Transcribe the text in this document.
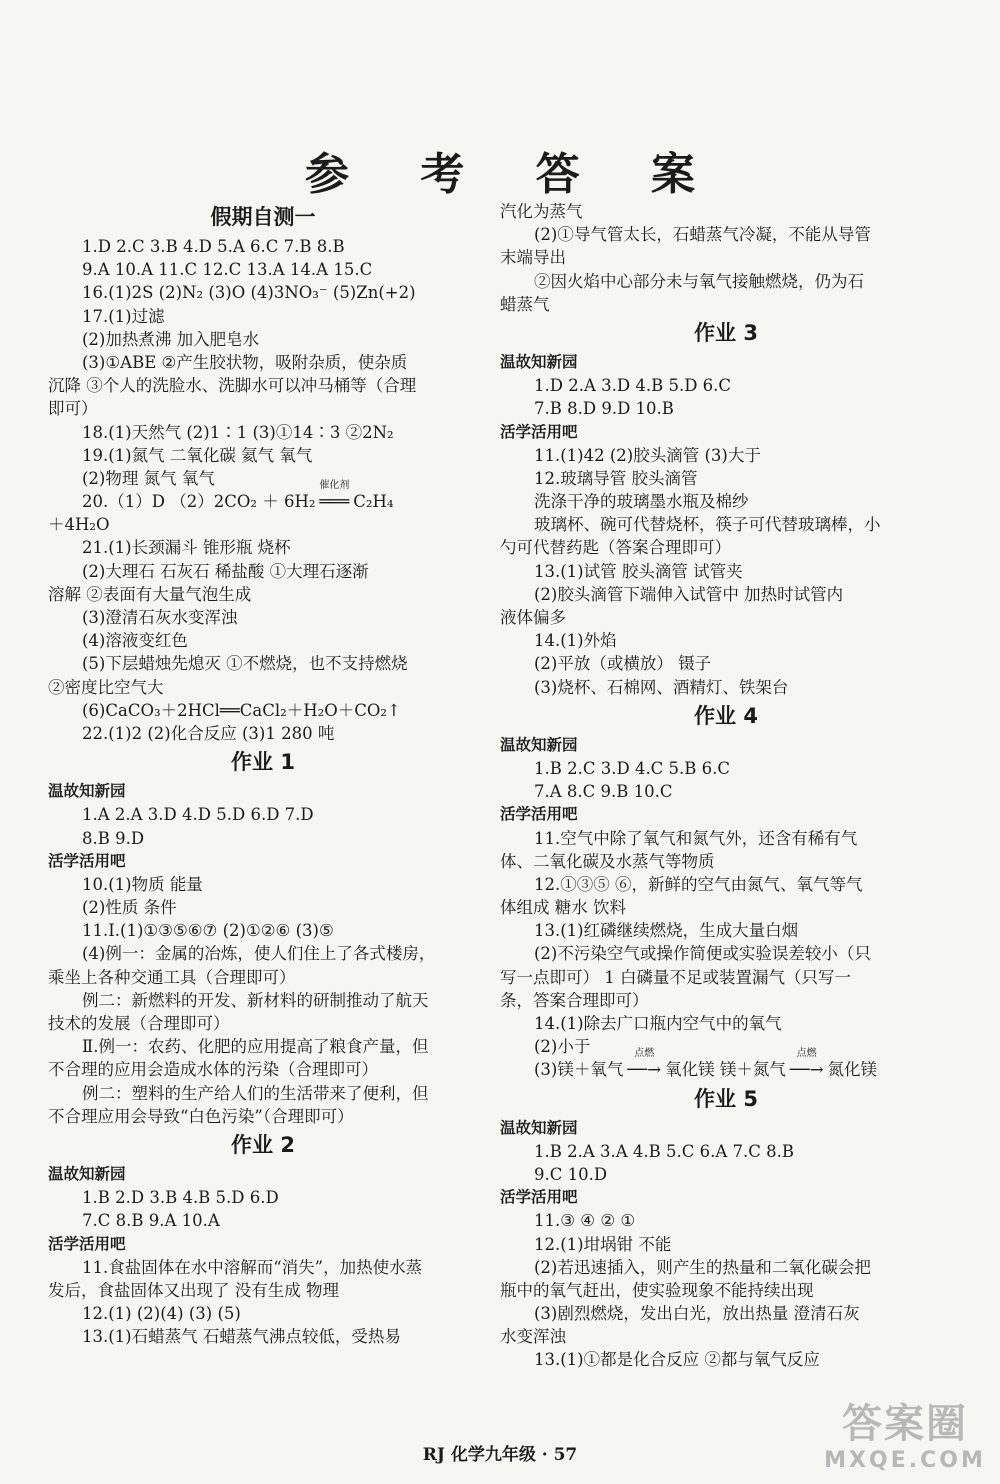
参 考 答 案
假期自测一
1.D 2.C 3.B 4.D 5.A 6.C 7.B 8.B
9.A 10.A 11.C 12.C 13.A 14.A 15.C
16.(1)2S (2)N₂ (3)O (4)3NO₃⁻ (5)Zn(+2)
17.(1)过滤
(2)加热煮沸 加入肥皂水
(3)①ABE ②产生胶状物，吸附杂质，使杂质
沉降 ③个人的洗脸水、洗脚水可以冲马桶等（合理
即可）
18.(1)天然气 (2)1∶1 (3)①14∶3 ②2N₂
19.(1)氮气 二氧化碳 氦气 氧气
(2)物理 氮气 氧气
20.（1）D （2）2CO₂ ＋ 6H₂
催化剂
═══ C₂H₄
＋4H₂O
21.(1)长颈漏斗 锥形瓶 烧杯
(2)大理石 石灰石 稀盐酸 ①大理石逐渐
溶解 ②表面有大量气泡生成
(3)澄清石灰水变浑浊
(4)溶液变红色
(5)下层蜡烛先熄灭 ①不燃烧，也不支持燃烧
②密度比空气大
(6)CaCO₃＋2HCl══CaCl₂＋H₂O＋CO₂↑
22.(1)2 (2)化合反应 (3)1 280 吨
作业 1
温故知新园
1.A 2.A 3.D 4.D 5.D 6.D 7.D
8.B 9.D
活学活用吧
10.(1)物质 能量
(2)性质 条件
11.Ⅰ.(1)①③⑤⑥⑦ (2)①②⑥ (3)⑤
(4)例一：金属的冶炼，使人们住上了各式楼房，
乘坐上各种交通工具（合理即可）
例二：新燃料的开发、新材料的研制推动了航天
技术的发展（合理即可）
Ⅱ.例一：农药、化肥的应用提高了粮食产量，但
不合理的应用会造成水体的污染（合理即可）
例二：塑料的生产给人们的生活带来了便利，但
不合理应用会导致“白色污染”（合理即可）
作业 2
温故知新园
1.B 2.D 3.B 4.B 5.D 6.D
7.C 8.B 9.A 10.A
活学活用吧
11.食盐固体在水中溶解而“消失”，加热使水蒸
发后，食盐固体又出现了 没有生成 物理
12.(1) (2)(4) (3) (5)
13.(1)石蜡蒸气 石蜡蒸气沸点较低，受热易
汽化为蒸气
(2)①导气管太长，石蜡蒸气冷凝，不能从导管
末端导出
②因火焰中心部分未与氧气接触燃烧，仍为石
蜡蒸气
作业 3
温故知新园
1.D 2.A 3.D 4.B 5.D 6.C
7.B 8.D 9.D 10.B
活学活用吧
11.(1)42 (2)胶头滴管 (3)大于
12.玻璃导管 胶头滴管
洗涤干净的玻璃墨水瓶及棉纱
玻璃杯、碗可代替烧杯，筷子可代替玻璃棒，小
勺可代替药匙（答案合理即可）
13.(1)试管 胶头滴管 试管夹
(2)胶头滴管下端伸入试管中 加热时试管内
液体偏多
14.(1)外焰
(2)平放（或横放） 镊子
(3)烧杯、石棉网、酒精灯、铁架台
作业 4
温故知新园
1.B 2.C 3.D 4.C 5.B 6.C
7.A 8.C 9.B 10.C
活学活用吧
11.空气中除了氧气和氮气外，还含有稀有气
体、二氧化碳及水蒸气等物质
12.①③⑤ ⑥，新鲜的空气由氮气、氧气等气
体组成 糖水 饮料
13.(1)红磷继续燃烧，生成大量白烟
(2)不污染空气或操作简便或实验误差较小（只
写一点即可） 1 白磷量不足或装置漏气（只写一
条，答案合理即可）
14.(1)除去广口瓶内空气中的氧气
(2)小于
(3)镁＋氧气
点燃
──→ 氧化镁 镁＋氮气
点燃
──→ 氮化镁
作业 5
温故知新园
1.B 2.A 3.A 4.B 5.C 6.A 7.C 8.B
9.C 10.D
活学活用吧
11.③ ④ ② ①
12.(1)坩埚钳 不能
(2)若迅速插入，则产生的热量和二氧化碳会把
瓶中的氧气赶出，使实验现象不能持续出现
(3)剧烈燃烧，发出白光，放出热量 澄清石灰
水变浑浊
13.(1)①都是化合反应 ②都与氧气反应
RJ 化学九年级 · 57
答案圈
MXQE.COM
